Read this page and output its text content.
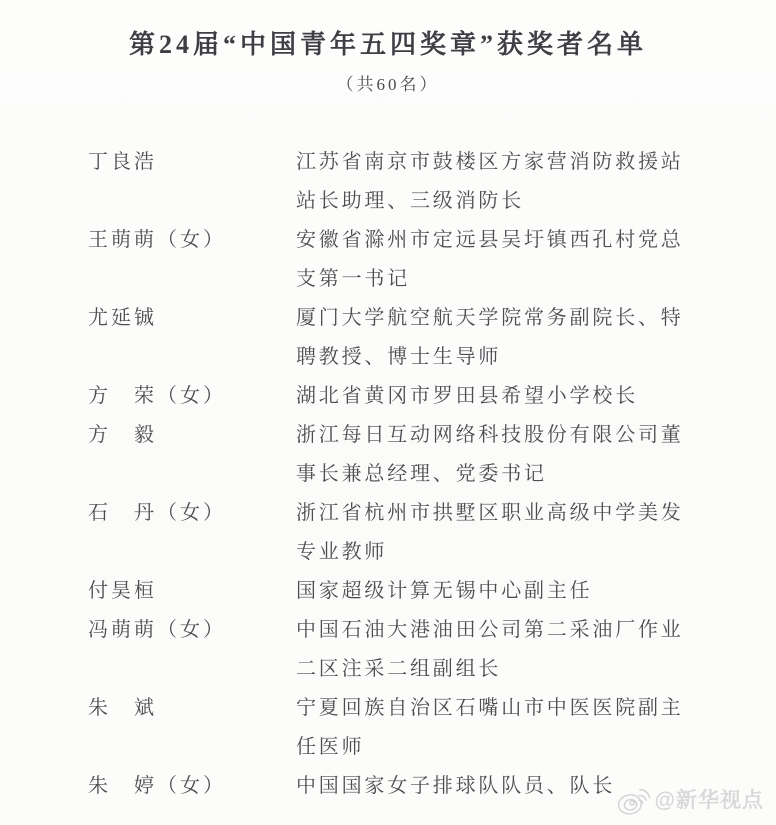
第24届“中国青年五四奖章”获奖者名单
（共60名）
丁良浩	江苏省南京市鼓楼区方家营消防救援站
站长助理、三级消防长
王萌萌（女）	安徽省滁州市定远县吴圩镇西孔村党总
支第一书记
尤延铖	厦门大学航空航天学院常务副院长、特
聘教授、博士生导师
方　荣（女）	湖北省黄冈市罗田县希望小学校长
方　毅	浙江每日互动网络科技股份有限公司董
事长兼总经理、党委书记
石　丹（女）	浙江省杭州市拱墅区职业高级中学美发
专业教师
付昊桓	国家超级计算无锡中心副主任
冯萌萌（女）	中国石油大港油田公司第二采油厂作业
二区注采二组副组长
朱　斌	宁夏回族自治区石嘴山市中医医院副主
任医师
朱　婷（女）	中国国家女子排球队队员、队长
@新华视点
